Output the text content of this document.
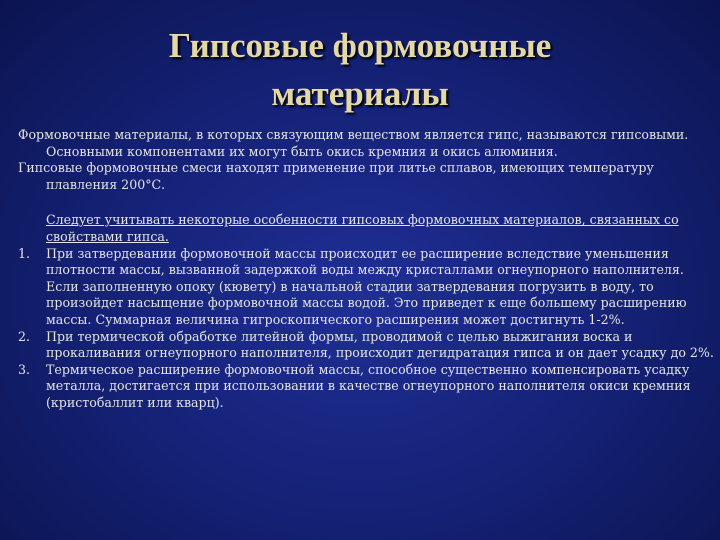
Гипсовые формовочные
материалы

Формовочные материалы, в которых связующим веществом является гипс, называются гипсовыми. Основными компонентами их могут быть окись кремния и окись алюминия.

Гипсовые формовочные смеси находят применение при литье сплавов, имеющих температуру плавления 200°С.

Следует учитывать некоторые особенности гипсовых формовочных материалов, связанных со свойствами гипса.

1.	При затвердевании формовочной массы происходит ее расширение вследствие уменьшения плотности массы, вызванной задержкой воды между кристаллами огнеупорного наполнителя. Если заполненную опоку (кювету) в начальной стадии затвердевания погрузить в воду, то произойдет насыщение формовочной массы водой. Это приведет к еще большему расширению массы. Суммарная величина гигроскопического расширения может достигнуть 1-2%.
2.	При термической обработке литейной формы, проводимой с целью выжигания воска и прокаливания огнеупорного наполнителя, происходит дегидратация гипса и он дает усадку до 2%.
3.	Термическое расширение формовочной массы, способное существенно компенсировать усадку металла, достигается при использовании в качестве огнеупорного наполнителя окиси кремния (кристобаллит или кварц).
